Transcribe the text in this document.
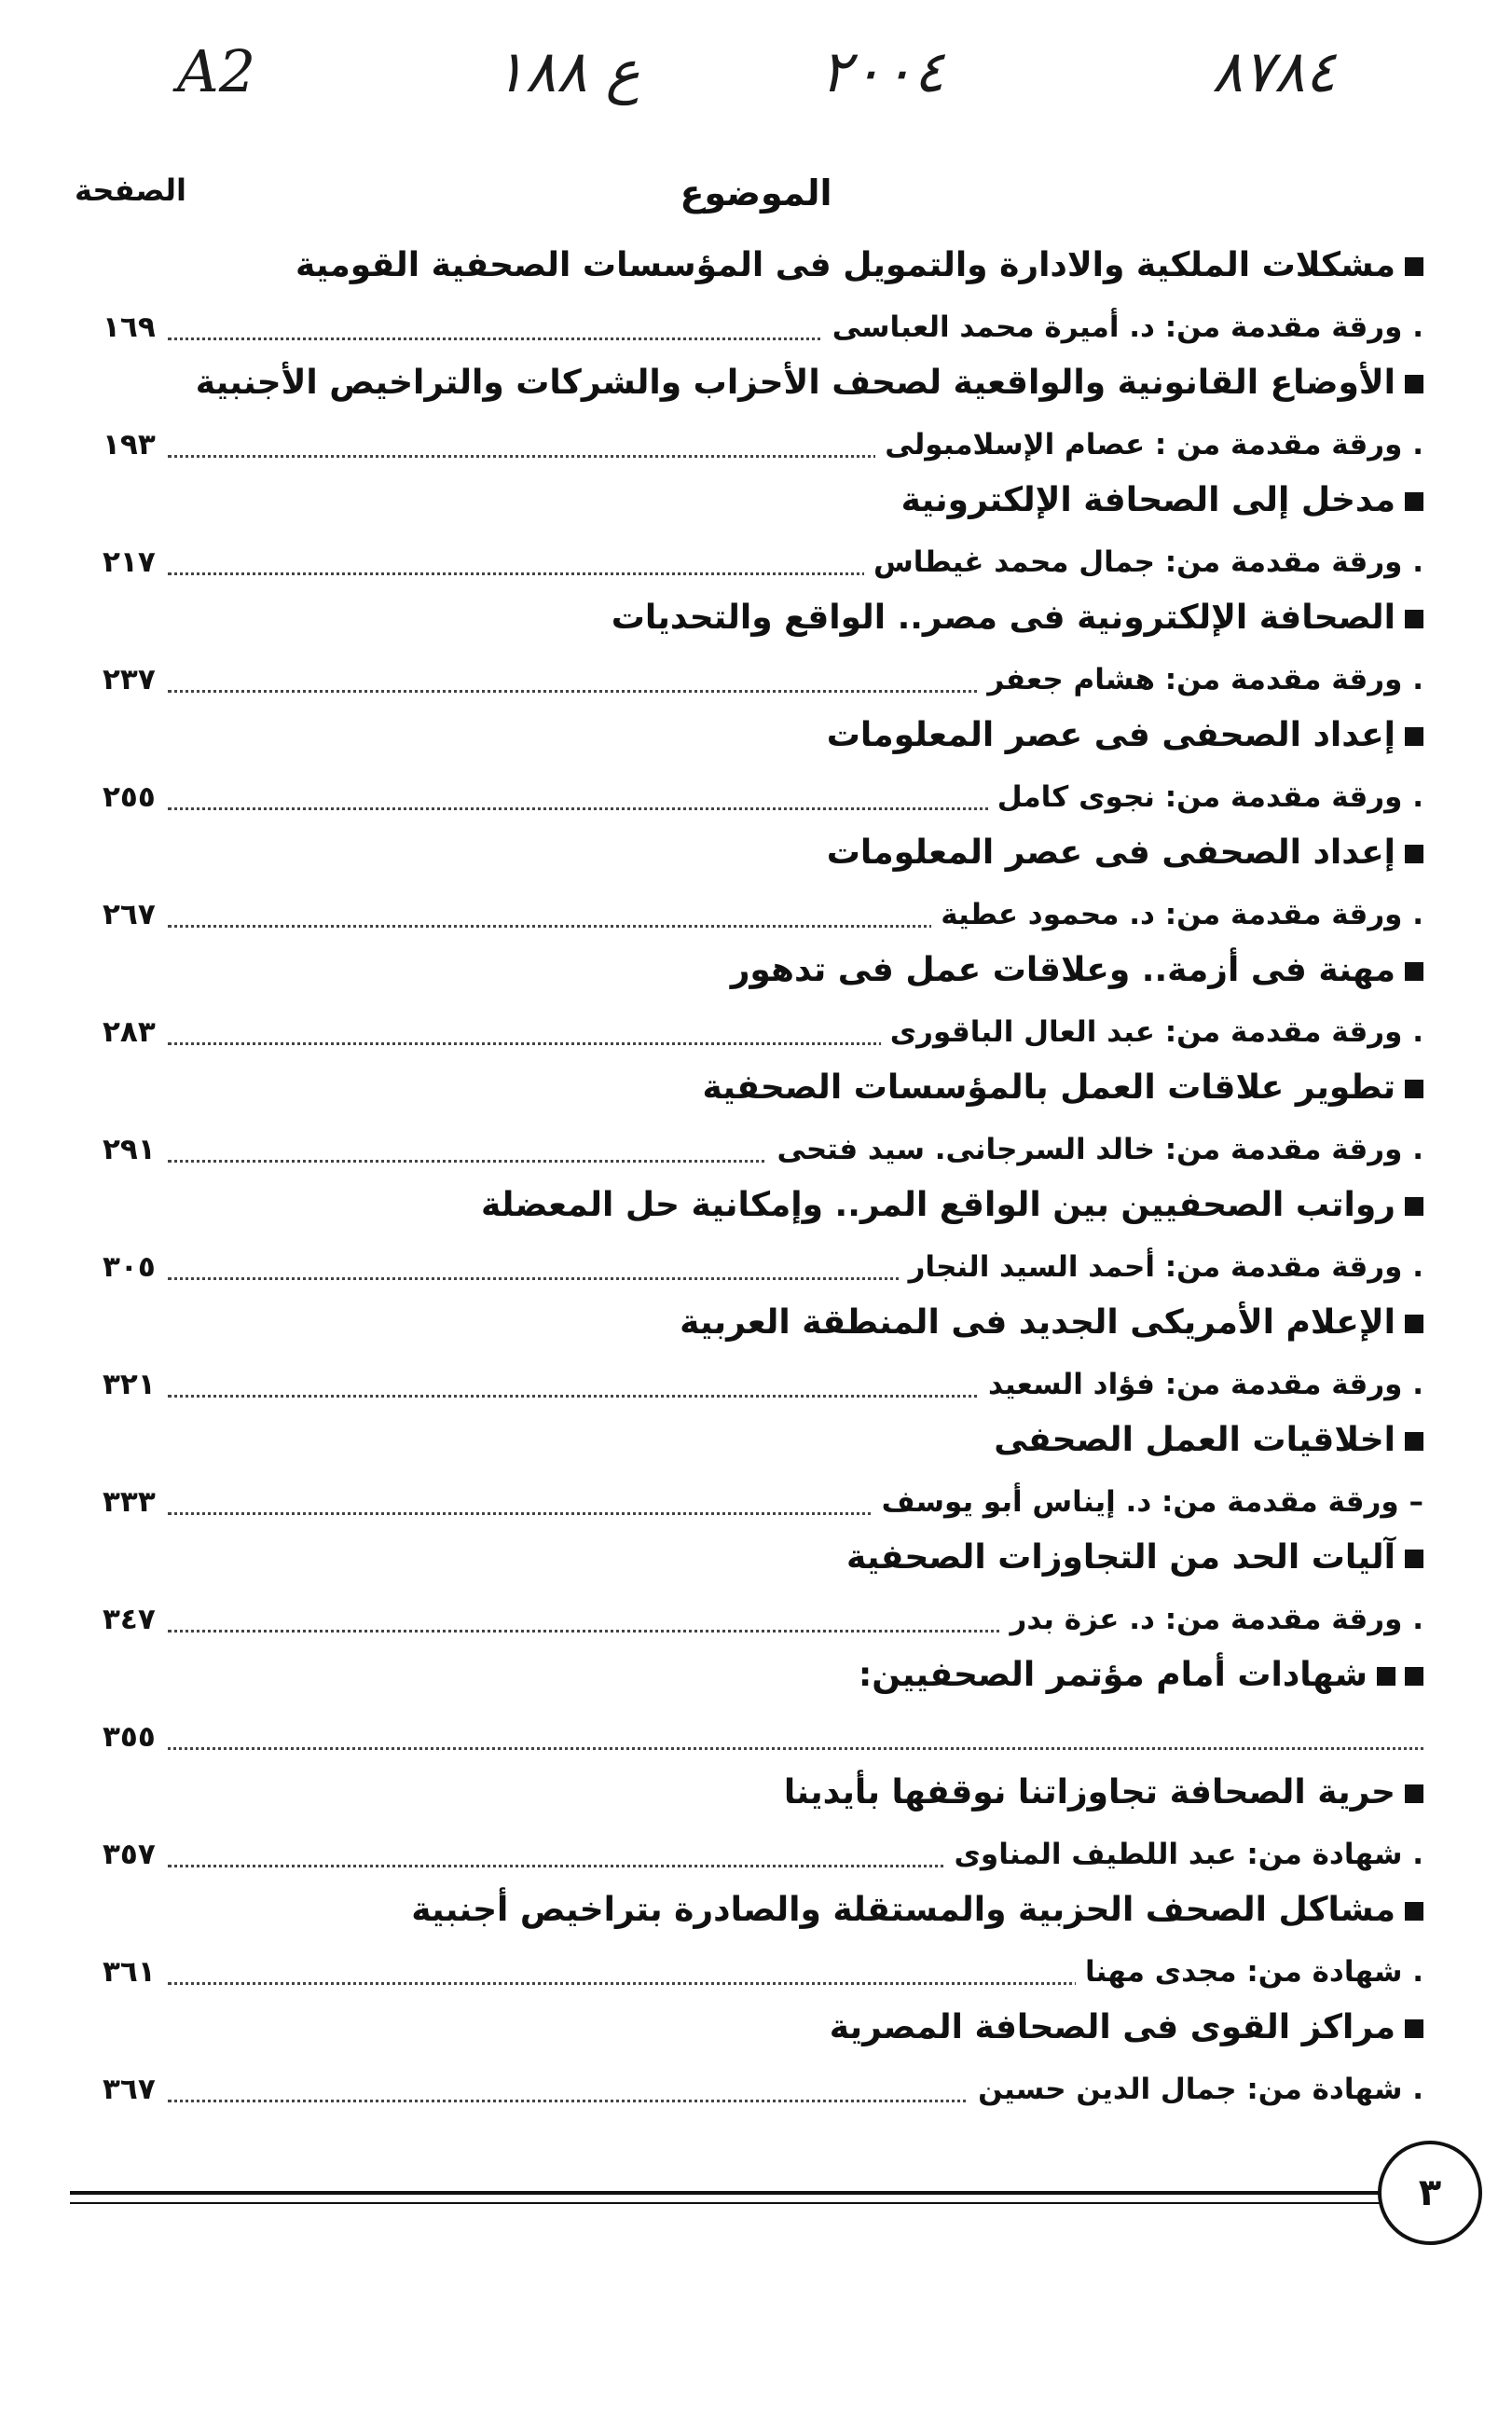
٨٧٨٤
٢٠٠٤
ع ١٨٨
A2
الموضوع
الصفحة
مشكلات الملكية والادارة والتمويل فى المؤسسات الصحفية القومية
. ورقة مقدمة من: د. أميرة محمد العباسى
١٦٩
الأوضاع القانونية والواقعية لصحف الأحزاب والشركات والتراخيص الأجنبية
. ورقة مقدمة من : عصام الإسلامبولى
١٩٣
مدخل إلى الصحافة الإلكترونية
. ورقة مقدمة من: جمال محمد غيطاس
٢١٧
الصحافة الإلكترونية فى مصر.. الواقع والتحديات
. ورقة مقدمة من: هشام جعفر
٢٣٧
إعداد الصحفى فى عصر المعلومات
. ورقة مقدمة من: نجوى كامل
٢٥٥
إعداد الصحفى فى عصر المعلومات
. ورقة مقدمة من: د. محمود عطية
٢٦٧
مهنة فى أزمة.. وعلاقات عمل فى تدهور
. ورقة مقدمة من: عبد العال الباقورى
٢٨٣
تطوير علاقات العمل بالمؤسسات الصحفية
. ورقة مقدمة من: خالد السرجانى. سيد فتحى
٢٩١
رواتب الصحفيين بين الواقع المر.. وإمكانية حل المعضلة
. ورقة مقدمة من: أحمد السيد النجار
٣٠٥
الإعلام الأمريكى الجديد فى المنطقة العربية
. ورقة مقدمة من: فؤاد السعيد
٣٢١
اخلاقيات العمل الصحفى
– ورقة مقدمة من: د. إيناس أبو يوسف
٣٣٣
آليات الحد من التجاوزات الصحفية
. ورقة مقدمة من: د. عزة بدر
٣٤٧
شهادات أمام مؤتمر الصحفيين:
٣٥٥
حرية الصحافة تجاوزاتنا نوقفها بأيدينا
. شهادة من: عبد اللطيف المناوى
٣٥٧
مشاكل الصحف الحزبية والمستقلة والصادرة بتراخيص أجنبية
. شهادة من: مجدى مهنا
٣٦١
مراكز القوى فى الصحافة المصرية
. شهادة من: جمال الدين حسين
٣٦٧
٣
